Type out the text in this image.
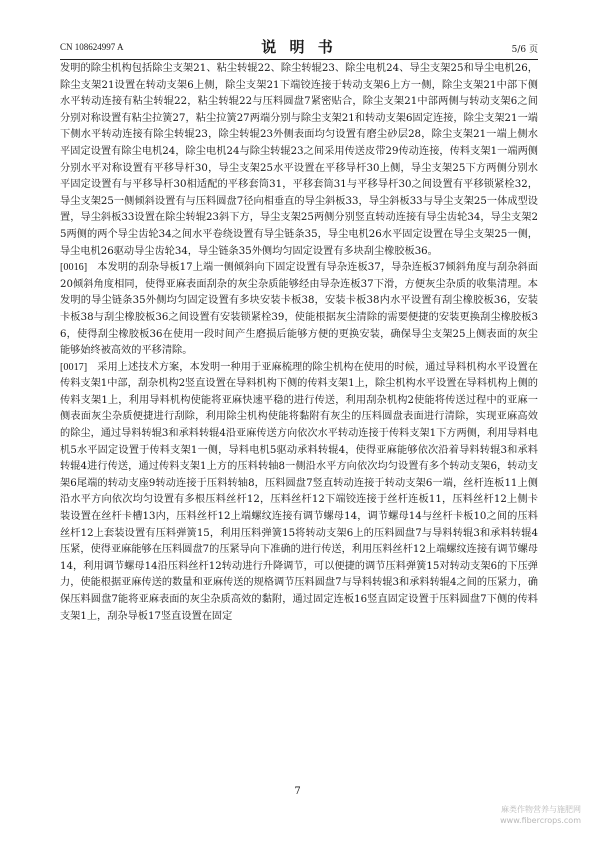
CN 108624997 A	说 明 书	5/6 页

发明的除尘机构包括除尘支架21、粘尘转辊22、除尘转辊23、除尘电机24、导尘支架25和导尘电机26，除尘支架21设置在转动支架6上侧，除尘支架21下端铰连接于转动支架6上方一侧，除尘支架21中部下侧水平转动连接有粘尘转辊22，粘尘转辊22与压料圆盘7紧密贴合，除尘支架21中部两侧与转动支架6之间分别对称设置有粘尘拉簧27，粘尘拉簧27两端分别与除尘支架21和转动支架6固定连接，除尘支架21一端下侧水平转动连接有除尘转辊23，除尘转辊23外侧表面均匀设置有磨尘砂层28，除尘支架21一端上侧水平固定设置有除尘电机24，除尘电机24与除尘转辊23之间采用传送皮带29传动连接，传料支架1一端两侧分别水平对称设置有平移导杆30，导尘支架25水平设置在平移导杆30上侧，导尘支架25下方两侧分别水平固定设置有与平移导杆30相适配的平移套筒31，平移套筒31与平移导杆30之间设置有平移锁紧栓32，导尘支架25一侧倾斜设置有与压料圆盘7径向相垂直的导尘斜板33，导尘斜板33与导尘支架25一体成型设置，导尘斜板33设置在除尘转辊23斜下方，导尘支架25两侧分别竖直转动连接有导尘齿轮34，导尘支架25两侧的两个导尘齿轮34之间水平卷绕设置有导尘链条35，导尘电机26水平固定设置在导尘支架25一侧，导尘电机26驱动导尘齿轮34，导尘链条35外侧均匀固定设置有多块刮尘橡胶板36。

[0016] 本发明的刮杂导板17上端一侧倾斜向下固定设置有导杂连板37，导杂连板37倾斜角度与刮杂斜面20倾斜角度相同，使得亚麻表面刮杂的灰尘杂质能够经由导杂连板37下滑，方便灰尘杂质的收集清理。本发明的导尘链条35外侧均匀固定设置有多块安装卡板38，安装卡板38内水平设置有刮尘橡胶板36，安装卡板38与刮尘橡胶板36之间设置有安装锁紧栓39，使能根据灰尘清除的需要便捷的安装更换刮尘橡胶板36，使得刮尘橡胶板36在使用一段时间产生磨损后能够方便的更换安装，确保导尘支架25上侧表面的灰尘能够始终被高效的平移清除。

[0017] 采用上述技术方案，本发明一种用于亚麻梳理的除尘机构在使用的时候，通过导料机构水平设置在传料支架1中部，刮杂机构2竖直设置在导料机构下侧的传料支架1上，除尘机构水平设置在导料机构上侧的传料支架1上，利用导料机构使能将亚麻快速平稳的进行传送，利用刮杂机构2使能将传送过程中的亚麻一侧表面灰尘杂质便捷进行刮除，利用除尘机构使能将黏附有灰尘的压料圆盘表面进行清除，实现亚麻高效的除尘，通过导料转辊3和承料转辊4沿亚麻传送方向依次水平转动连接于传料支架1下方两侧，利用导料电机5水平固定设置于传料支架1一侧，导料电机5驱动承料转辊4，使得亚麻能够依次沿着导料转辊3和承料转辊4进行传送，通过传料支架1上方的压料转轴8一侧沿水平方向依次均匀设置有多个转动支架6，转动支架6尾端的转动支座9转动连接于压料转轴8，压料圆盘7竖直转动连接于转动支架6一端，丝杆连板11上侧沿水平方向依次均匀设置有多根压料丝杆12，压料丝杆12下端铰连接于丝杆连板11，压料丝杆12上侧卡装设置在丝杆卡槽13内，压料丝杆12上端螺纹连接有调节螺母14，调节螺母14与丝杆卡板10之间的压料丝杆12上套装设置有压料弹簧15，利用压料弹簧15将转动支架6上的压料圆盘7与导料转辊3和承料转辊4压紧，使得亚麻能够在压料圆盘7的压紧导向下准确的进行传送，利用压料丝杆12上端螺纹连接有调节螺母14，利用调节螺母14沿压料丝杆12转动进行升降调节，可以便捷的调节压料弹簧15对转动支架6的下压弹力，使能根据亚麻传送的数量和亚麻传送的规格调节压料圆盘7与导料转辊3和承料转辊4之间的压紧力，确保压料圆盘7能将亚麻表面的灰尘杂质高效的黏附，通过固定连板16竖直固定设置于压料圆盘7下侧的传料支架1上，刮杂导板17竖直设置在固定

7
麻类作物营养与施肥网
www.fibercrops.com
